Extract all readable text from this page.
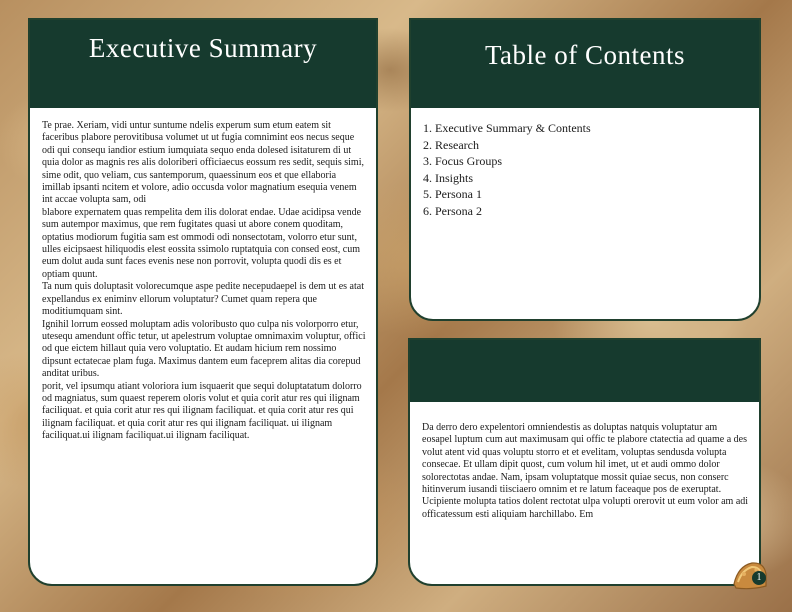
Executive Summary

Te prae. Xeriam, vidi untur suntume ndelis experum sum etum eatem sit faceribus plabore perovitibusa volumet ut ut fugia comnimint eos necus seque odi qui consequ iandior estium iumquiata sequo enda dolesed isitaturem di ut quia dolor as magnis res alis doloriberi officiaecus eossum res sedit, sequis simi, sime odit, quo veliam, cus santemporum, quaessinum eos et que ellaboria imillab ipsanti ncitem et volore, adio occusda volor magnatium esequia venem int accae volupta sam, odi

blabore expernatem quas rempelita dem ilis dolorat endae. Udae acidipsa vende sum autempor maximus, que rem fugitates quasi ut abore conem quoditam, optatius modiorum fugitia sam est ommodi odi nonsectotam, volorro etur sunt, ulles eicipsaest hiliquodis elest eossita ssimolo ruptatquia con consed eost, cum eum dolut auda sunt faces evenis nese non porrovit, volupta quodi dis es et optiam quunt.

Ta num quis doluptasit volorecumque aspe pedite necepudaepel is dem ut es atat expellandus ex eniminv ellorum voluptatur? Cumet quam repera que moditiumquam sint.

Ignihil lorrum eossed moluptam adis voloribusto quo culpa nis volorporro etur, utesequ amendunt offic tetur, ut apelestrum voluptae omnimaxim voluptur, offici od que eictem hillaut quia vero voluptatio. Et audam hicium rem nossimo dipsunt ectatecae plam fuga. Maximus dantem eum faceprem alitas dia corepud anditat uribus.

porit, vel ipsumqu atiant voloriora ium isquaerit que sequi doluptatatum dolorro od magniatus, sum quaest reperem oloris volut et quia corit atur res qui ilignam faciliquat. et quia corit atur res qui ilignam faciliquat. et quia corit atur res qui ilignam faciliquat. et quia corit atur res qui ilignam faciliquat. ui ilignam faciliquat.ui ilignam faciliquat.ui ilignam faciliquat.

Table of Contents
1. Executive Summary & Contents
2. Research
3. Focus Groups
4. Insights
5. Persona 1
6. Persona 2

Da derro dero expelentori omniendestis as doluptas natquis voluptatur am eosapel luptum cum aut maximusam qui offic te plabore ctatectia ad quame a des volut atent vid quas voluptu storro et et evelitam, voluptas sendusda volupta consecae. Et ullam dipit quost, cum volum hil imet, ut et audi ommo dolor solorectotas andae. Nam, ipsam voluptatque mossit quiae secus, non conserc hitinverum iusandi tiisciaero omnim et re latum faceaque pos de exeruptat.

Ucipiente molupta tatios dolent rectotat ulpa volupti orerovit ut eum volor am adi officatessum esti aliquiam harchillabo. Em

1
